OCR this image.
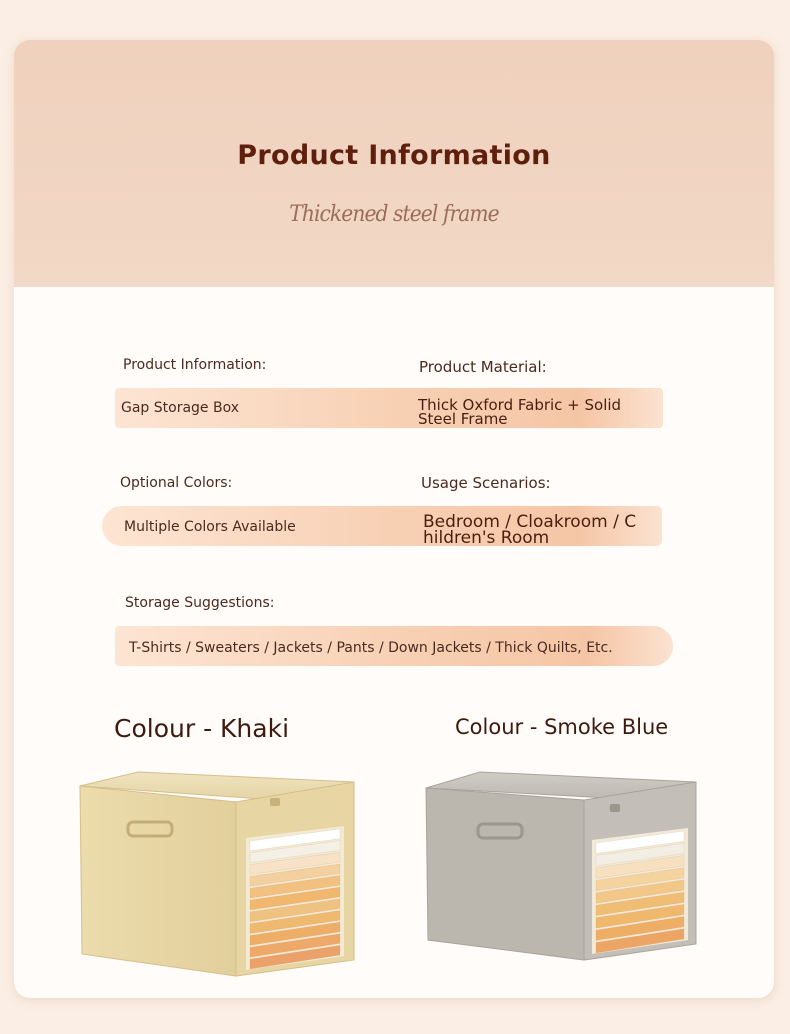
Product Information
Thickened steel frame
Product Information:	Product Material:
Gap Storage Box	Thick Oxford Fabric + Solid Steel Frame
Optional Colors:	Usage Scenarios:
Multiple Colors Available	Bedroom / Cloakroom / Children's Room
Storage Suggestions:
T-Shirts / Sweaters / Jackets / Pants / Down Jackets / Thick Quilts, Etc.
Colour - Khaki	Colour - Smoke Blue
